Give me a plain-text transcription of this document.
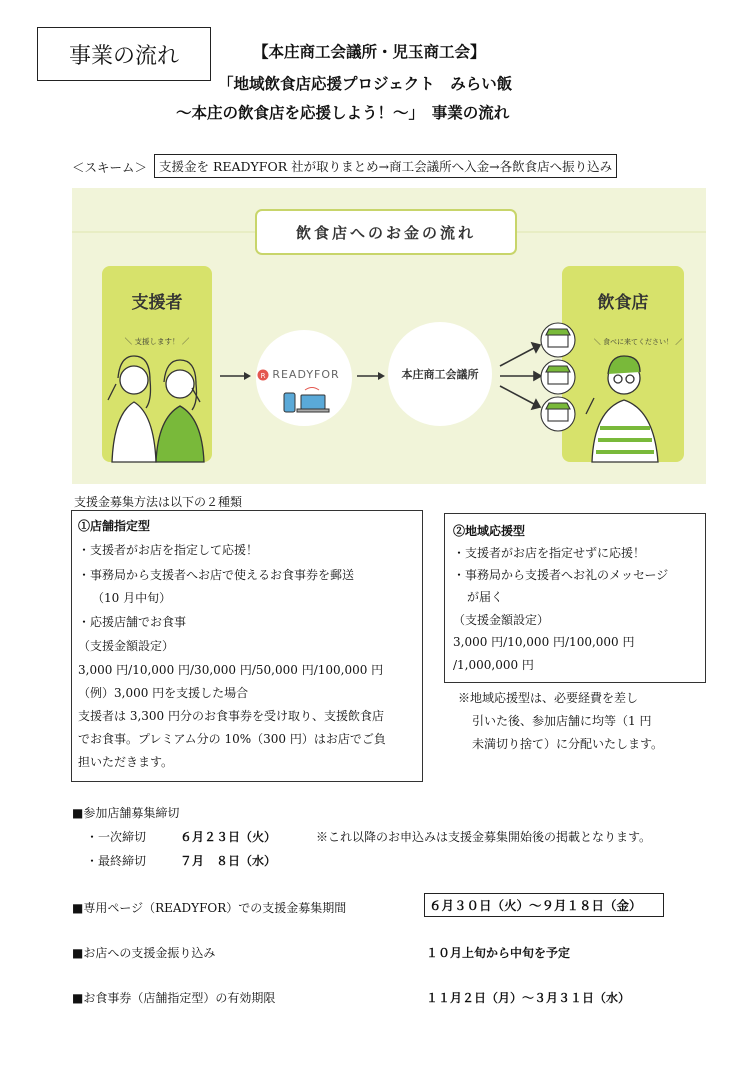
事業の流れ	【本庄商工会議所・児玉商工会】
「地域飲食店応援プロジェクト　みらい飯
～本庄の飲食店を応援しよう！～」　事業の流れ
＜スキーム＞ 支援金を READYFOR 社が取りまとめ→商工会議所へ入金→各飲食店へ振り込み
飲食店へのお金の流れ
支援者
＼ 支援します！ ／
R READYFOR	本庄商工会議所
飲食店
＼ 食べに来てください！ ／
支援金募集方法は以下の２種類
①店舗指定型
・支援者がお店を指定して応援！
・事務局から支援者へお店で使えるお食事券を郵送
（10 月中旬）
・応援店舗でお食事
（支援金額設定）
3,000 円/10,000 円/30,000 円/50,000 円/100,000 円
（例）3,000 円を支援した場合
支援者は 3,300 円分のお食事券を受け取り、支援飲食店
でお食事。プレミアム分の 10%（300 円）はお店でご負
担いただきます。
②地域応援型
・支援者がお店を指定せずに応援！
・事務局から支援者へお礼のメッセージ
が届く
（支援金額設定）
3,000 円/10,000 円/100,000 円
/1,000,000 円
※地域応援型は、必要経費を差し
引いた後、参加店舗に均等（1 円
未満切り捨て）に分配いたします。
■参加店舗募集締切
・一次締切	６月２３日（火）	※これ以降のお申込みは支援金募集開始後の掲載となります。
・最終締切	７月　８日（水）
■専用ページ（READYFOR）での支援金募集期間	６月３０日（火）～９月１８日（金）
■お店への支援金振り込み	１０月上旬から中旬を予定
■お食事券（店舗指定型）の有効期限	１１月２日（月）～３月３１日（水）
